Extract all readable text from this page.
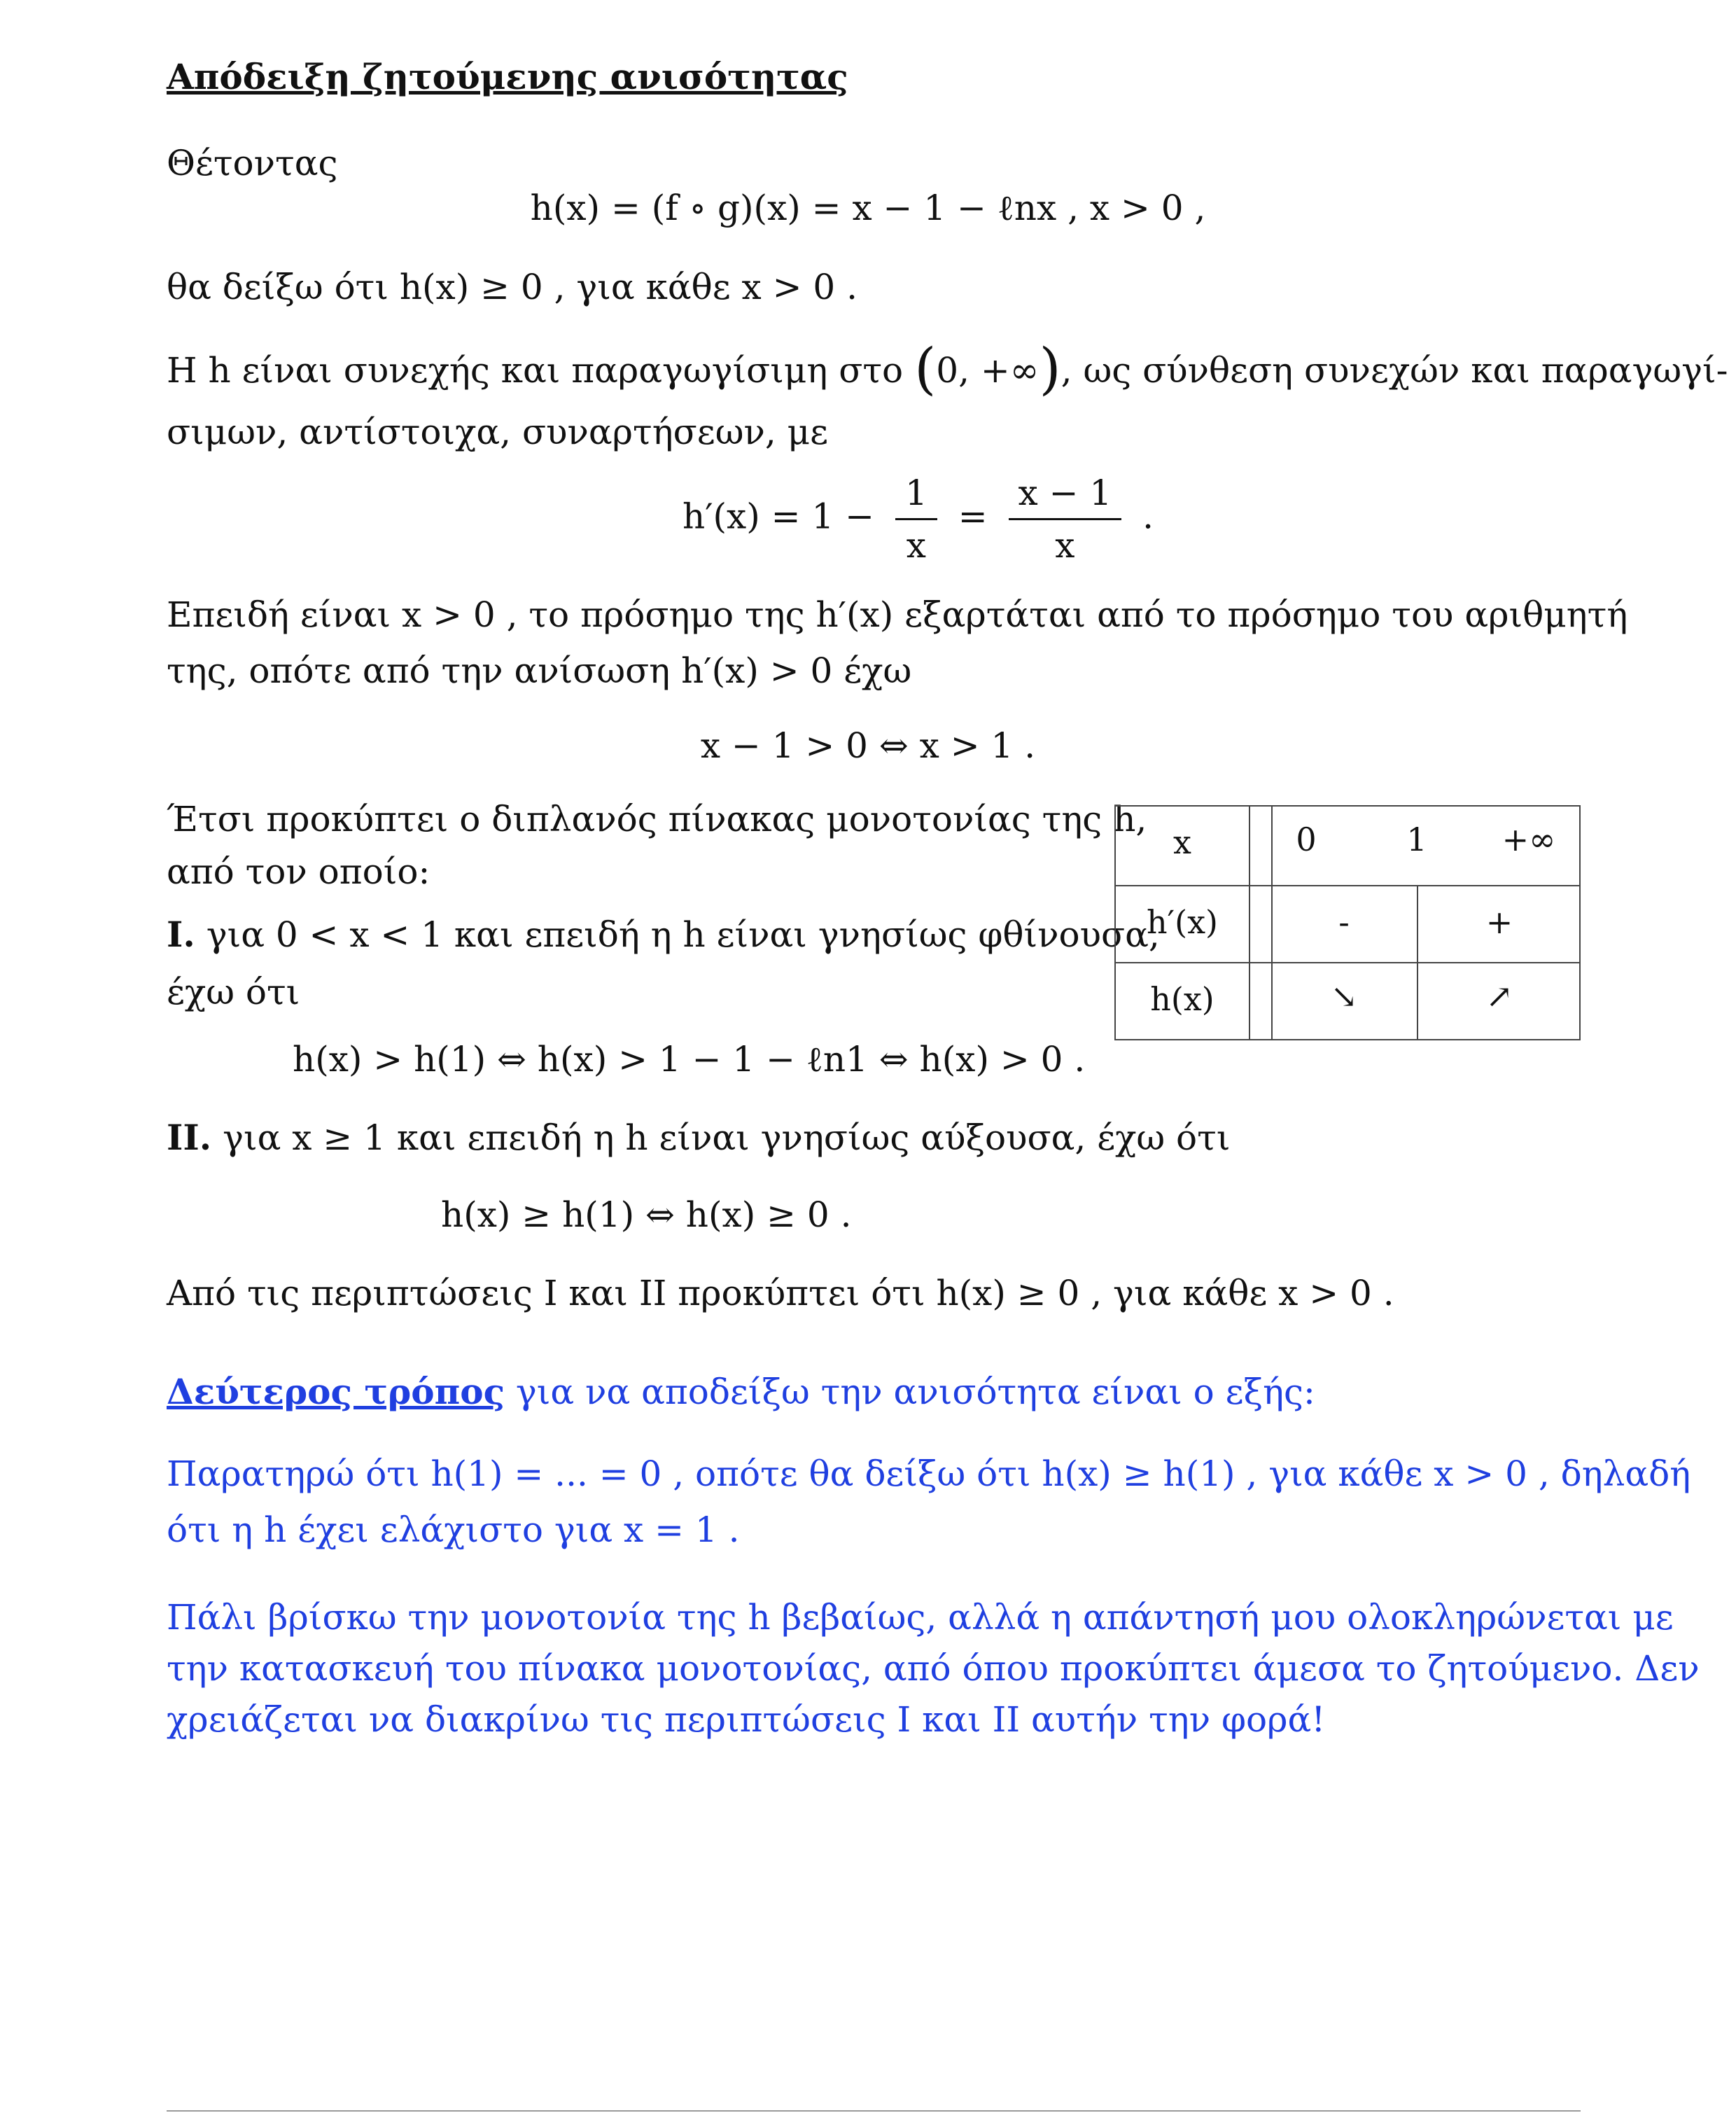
Απόδειξη ζητούμενης ανισότητας
Θέτοντας
h(x) = (f ∘ g)(x) = x − 1 − ℓnx , x > 0 ,
θα δείξω ότι h(x) ≥ 0 , για κάθε x > 0 .
Η h είναι συνεχής και παραγωγίσιμη στο (0, +∞), ως σύνθεση συνεχών και παραγωγί-
σιμων, αντίστοιχα, συναρτήσεων, με
$h'(x) = 1 - \frac{1}{x} = \frac{x - 1}{x}$ .
Επειδή είναι x > 0 , το πρόσημο της h′(x) εξαρτάται από το πρόσημο του αριθμητή
της, οπότε από την ανίσωση h′(x) > 0 έχω
x − 1 > 0 ⇔ x > 1 .
Έτσι προκύπτει ο διπλανός πίνακας μονοτονίας της h,
από τον οποίο:
I. για 0 < x < 1 και επειδή η h είναι γνησίως φθίνουσα,
έχω ότι
h(x) > h(1) ⇔ h(x) > 1 − 1 − ℓn1 ⇔ h(x) > 0 .
II. για x ≥ 1 και επειδή η h είναι γνησίως αύξουσα, έχω ότι
h(x) ≥ h(1) ⇔ h(x) ≥ 0 .
Από τις περιπτώσεις I και II προκύπτει ότι h(x) ≥ 0 , για κάθε x > 0 .
x	0	1	+∞
h′(x)	-	+
h(x)	↘	↗
Δεύτερος τρόπος για να αποδείξω την ανισότητα είναι ο εξής:
Παρατηρώ ότι h(1) = ... = 0 , οπότε θα δείξω ότι h(x) ≥ h(1) , για κάθε x > 0 , δηλαδή
ότι η h έχει ελάχιστο για x = 1 .
Πάλι βρίσκω την μονοτονία της h βεβαίως, αλλά η απάντησή μου ολοκληρώνεται με
την κατασκευή του πίνακα μονοτονίας, από όπου προκύπτει άμεσα το ζητούμενο. Δεν
χρειάζεται να διακρίνω τις περιπτώσεις I και II αυτήν την φορά!
